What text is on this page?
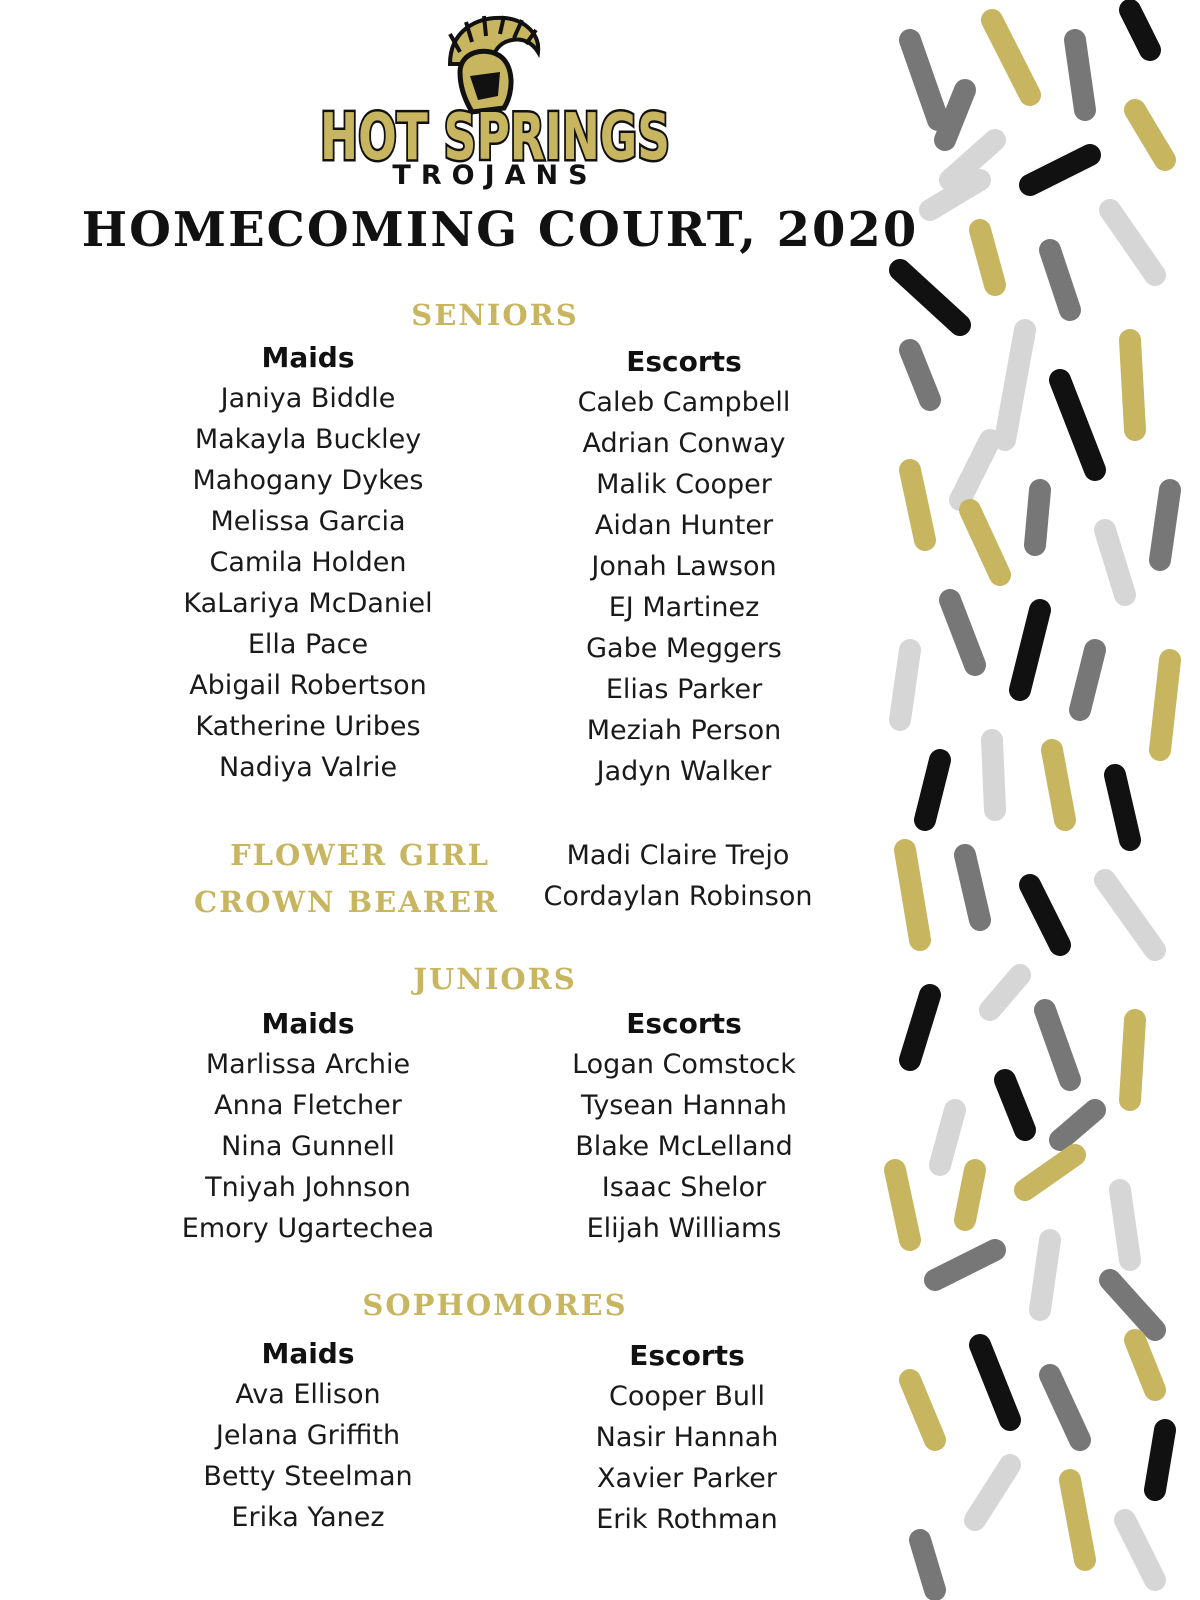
HOT SPRINGS
TROJANS
HOMECOMING COURT, 2020
SENIORS
Maids
Janiya Biddle
Makayla Buckley
Mahogany Dykes
Melissa Garcia
Camila Holden
KaLariya McDaniel
Ella Pace
Abigail Robertson
Katherine Uribes
Nadiya Valrie
Escorts
Caleb Campbell
Adrian Conway
Malik Cooper
Aidan Hunter
Jonah Lawson
EJ Martinez
Gabe Meggers
Elias Parker
Meziah Person
Jadyn Walker
FLOWER GIRL	Madi Claire Trejo
CROWN BEARER	Cordaylan Robinson
JUNIORS
Maids
Marlissa Archie
Anna Fletcher
Nina Gunnell
Tniyah Johnson
Emory Ugartechea
Escorts
Logan Comstock
Tysean Hannah
Blake McLelland
Isaac Shelor
Elijah Williams
SOPHOMORES
Maids
Ava Ellison
Jelana Griffith
Betty Steelman
Erika Yanez
Escorts
Cooper Bull
Nasir Hannah
Xavier Parker
Erik Rothman
